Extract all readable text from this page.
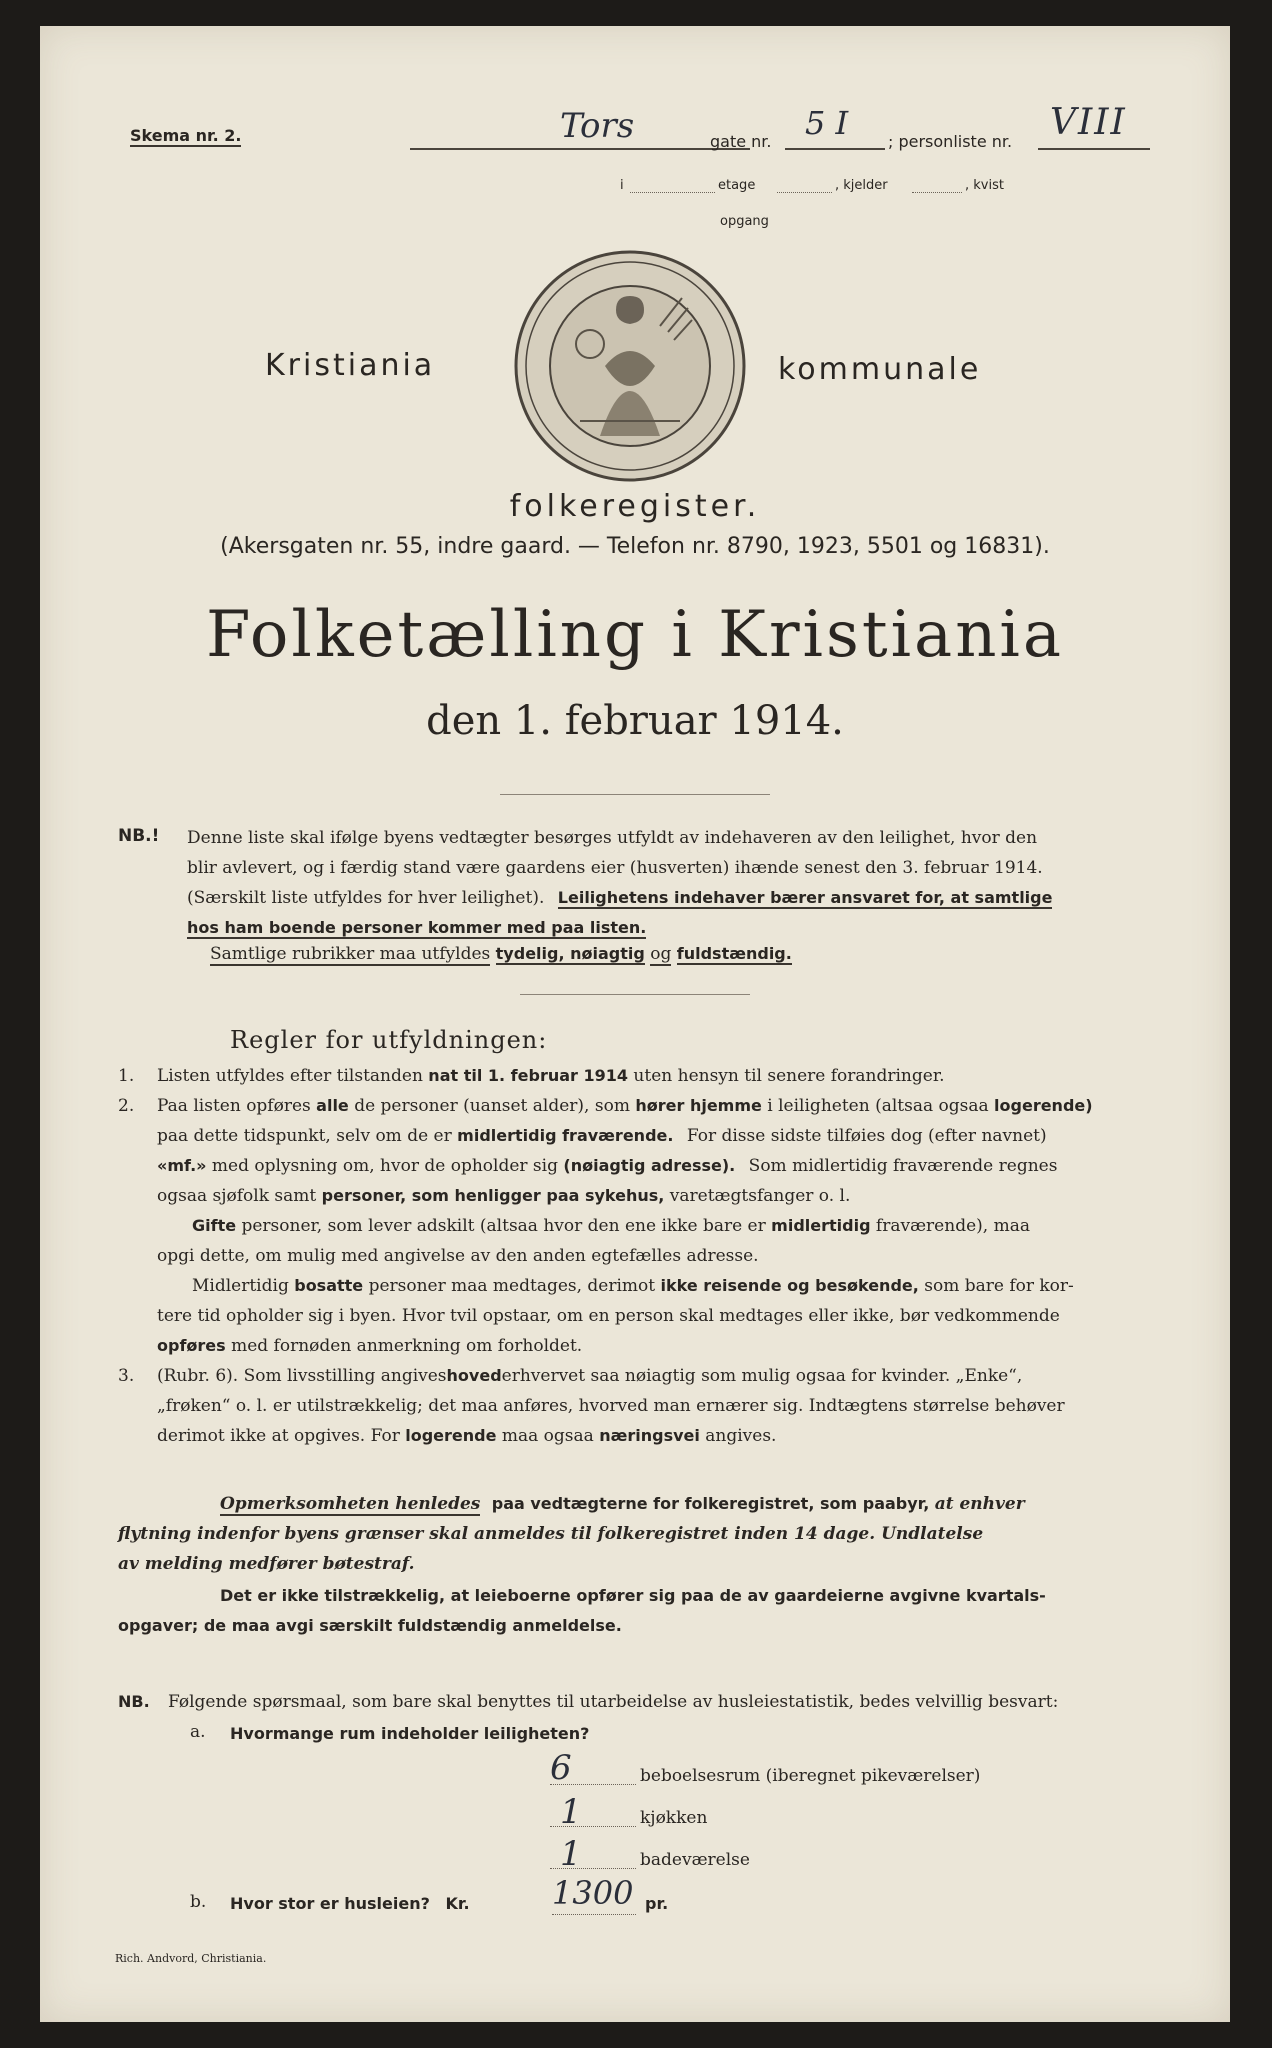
Skema nr. 2.	Tors	gate nr. 5 I ; personliste nr. VIII
i	etage	, kjelder	, kvist
opgang
Kristiania	kommunale
folkeregister.
(Akersgaten nr. 55, indre gaard. — Telefon nr. 8790, 1923, 5501 og 16831).
Folketælling i Kristiania
den 1. februar 1914.
NB.! Denne liste skal ifølge byens vedtægter besørges utfyldt av indehaveren av den leilighet, hvor den
blir avlevert, og i færdig stand være gaardens eier (husverten) ihænde senest den 3. februar 1914.
(Særskilt liste utfyldes for hver leilighet). Leilighetens indehaver bærer ansvaret for, at samtlige
hos ham boende personer kommer med paa listen.
Samtlige rubrikker maa utfyldes tydelig, nøiagtig og fuldstændig.
Regler for utfyldningen:
1. Listen utfyldes efter tilstanden nat til 1. februar 1914 uten hensyn til senere forandringer.
2. Paa listen opføres alle de personer (uanset alder), som hører hjemme i leiligheten (altsaa ogsaa logerende)
paa dette tidspunkt, selv om de er midlertidig fraværende. For disse sidste tilføies dog (efter navnet)
«mf.» med oplysning om, hvor de opholder sig (nøiagtig adresse). Som midlertidig fraværende regnes
ogsaa sjøfolk samt personer, som henligger paa sykehus, varetægtsfanger o. l.
Gifte personer, som lever adskilt (altsaa hvor den ene ikke bare er midlertidig fraværende), maa
opgi dette, om mulig med angivelse av den anden egtefælles adresse.
Midlertidig bosatte personer maa medtages, derimot ikke reisende og besøkende, som bare for kor-
tere tid opholder sig i byen. Hvor tvil opstaar, om en person skal medtages eller ikke, bør vedkommende
opføres med fornøden anmerkning om forholdet.
3. (Rubr. 6). Som livsstilling angiveshovederhvervet saa nøiagtig som mulig ogsaa for kvinder. „Enke“,
„frøken“ o. l. er utilstrækkelig; det maa anføres, hvorved man ernærer sig. Indtægtens størrelse behøver
derimot ikke at opgives. For logerende maa ogsaa næringsvei angives.
Opmerksomheten henledes paa vedtægterne for folkeregistret, som paabyr, at enhver
flytning indenfor byens grænser skal anmeldes til folkeregistret inden 14 dage. Undlatelse
av melding medfører bøtestraf.
Det er ikke tilstrækkelig, at leieboerne opfører sig paa de av gaardeierne avgivne kvartals-
opgaver; de maa avgi særskilt fuldstændig anmeldelse.
NB. Følgende spørsmaal, som bare skal benyttes til utarbeidelse av husleiestatistik, bedes velvillig besvart:
a. Hvormange rum indeholder leiligheten?
6	beboelsesrum (iberegnet pikeværelser)
1	kjøkken
1	badeværelse
b. Hvor stor er husleien? Kr.	1300 pr.
Rich. Andvord, Christiania.
